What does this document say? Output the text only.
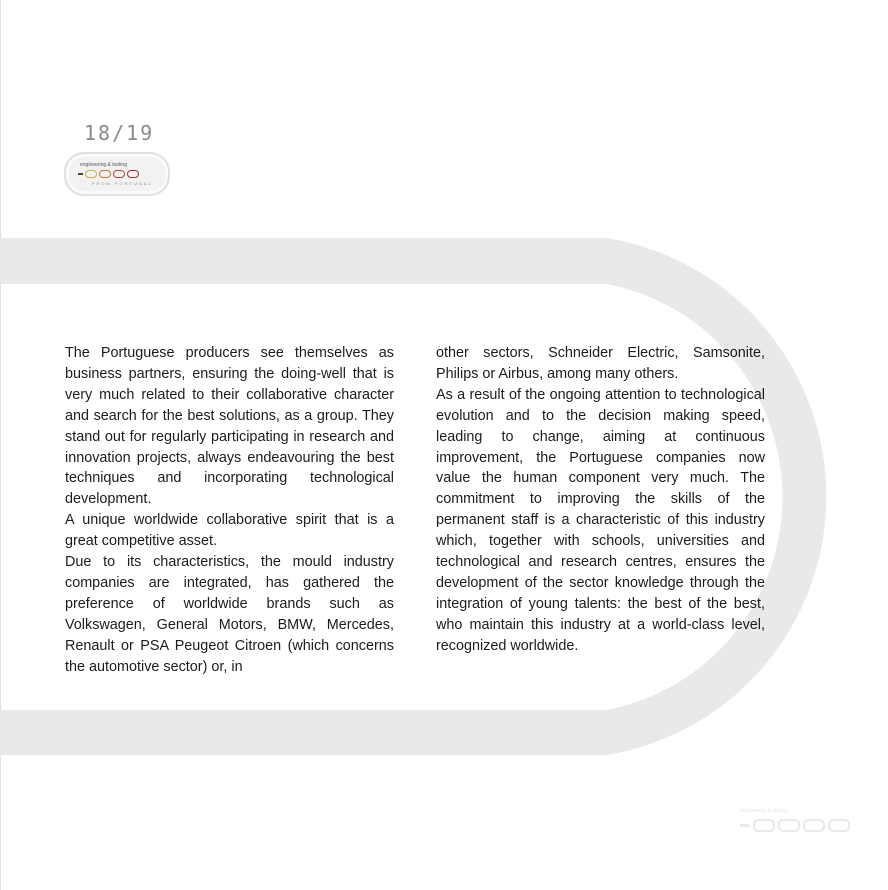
18/19
engineering & tooling
FROM PORTUGAL

The Portuguese producers see themselves as business partners, ensuring the doing-well that is very much related to their collaborative character and search for the best solutions, as a group. They stand out for regularly participating in research and innovation projects, always endeavouring the best techniques and incorporating technological development.

A unique worldwide collaborative spirit that is a great competitive asset.

Due to its characteristics, the mould industry companies are integrated, has gathered the preference of worldwide brands such as Volkswagen, General Motors, BMW, Mercedes, Renault or PSA Peugeot Citroen (which concerns the automotive sector) or, in

other sectors, Schneider Electric, Samsonite, Philips or Airbus, among many others.

As a result of the ongoing attention to technological evolution and to the decision making speed, leading to change, aiming at continuous improvement, the Portuguese companies now value the human component very much. The commitment to improving the skills of the permanent staff is a characteristic of this industry which, together with schools, universities and technological and research centres, ensures the development of the sector knowledge through the integration of young talents: the best of the best, who maintain this industry at a world-class level, recognized worldwide.

engineering & tooling
